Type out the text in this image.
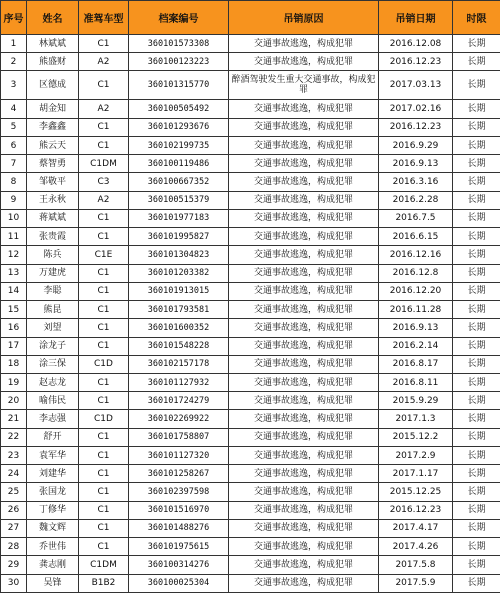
序号	姓名	准驾车型	档案编号	吊销原因	吊销日期	时限
1	林斌斌	C1	360101573308	交通事故逃逸，构成犯罪	2016.12.08	长期
2	熊盛财	A2	360100123223	交通事故逃逸，构成犯罪	2016.12.23	长期
3	区德成	C1	360101315770	醉酒驾驶发生重大交通事故，构成犯罪	2017.03.13	长期
4	胡金知	A2	360100505492	交通事故逃逸，构成犯罪	2017.02.16	长期
5	李鑫鑫	C1	360101293676	交通事故逃逸，构成犯罪	2016.12.23	长期
6	熊云天	C1	360102199735	交通事故逃逸，构成犯罪	2016.9.29	长期
7	蔡智勇	C1DM	360100119486	交通事故逃逸，构成犯罪	2016.9.13	长期
8	邹敬平	C3	360100667352	交通事故逃逸，构成犯罪	2016.3.16	长期
9	王永秋	A2	360100515379	交通事故逃逸，构成犯罪	2016.2.28	长期
10	蒋斌斌	C1	360101977183	交通事故逃逸，构成犯罪	2016.7.5	长期
11	张贵霞	C1	360101995827	交通事故逃逸，构成犯罪	2016.6.15	长期
12	陈兵	C1E	360101304823	交通事故逃逸，构成犯罪	2016.12.16	长期
13	万建虎	C1	360101203382	交通事故逃逸，构成犯罪	2016.12.8	长期
14	李聪	C1	360101913015	交通事故逃逸，构成犯罪	2016.12.20	长期
15	熊昆	C1	360101793581	交通事故逃逸，构成犯罪	2016.11.28	长期
16	刘望	C1	360101600352	交通事故逃逸，构成犯罪	2016.9.13	长期
17	涂龙子	C1	360101548228	交通事故逃逸，构成犯罪	2016.2.14	长期
18	涂三保	C1D	360102157178	交通事故逃逸，构成犯罪	2016.8.17	长期
19	赵志龙	C1	360101127932	交通事故逃逸，构成犯罪	2016.8.11	长期
20	喻伟民	C1	360101724279	交通事故逃逸，构成犯罪	2015.9.29	长期
21	李志强	C1D	360102269922	交通事故逃逸，构成犯罪	2017.1.3	长期
22	舒开	C1	360101758807	交通事故逃逸，构成犯罪	2015.12.2	长期
23	袁军华	C1	360101127320	交通事故逃逸，构成犯罪	2017.2.9	长期
24	刘建华	C1	360101258267	交通事故逃逸，构成犯罪	2017.1.17	长期
25	张国龙	C1	360102397598	交通事故逃逸，构成犯罪	2015.12.25	长期
26	丁修华	C1	360101516970	交通事故逃逸，构成犯罪	2016.12.23	长期
27	魏文辉	C1	360101488276	交通事故逃逸，构成犯罪	2017.4.17	长期
28	乔世伟	C1	360101975615	交通事故逃逸，构成犯罪	2017.4.26	长期
29	龚志刚	C1DM	360100314276	交通事故逃逸，构成犯罪	2017.5.8	长期
30	吴锋	B1B2	360100025304	交通事故逃逸，构成犯罪	2017.5.9	长期
